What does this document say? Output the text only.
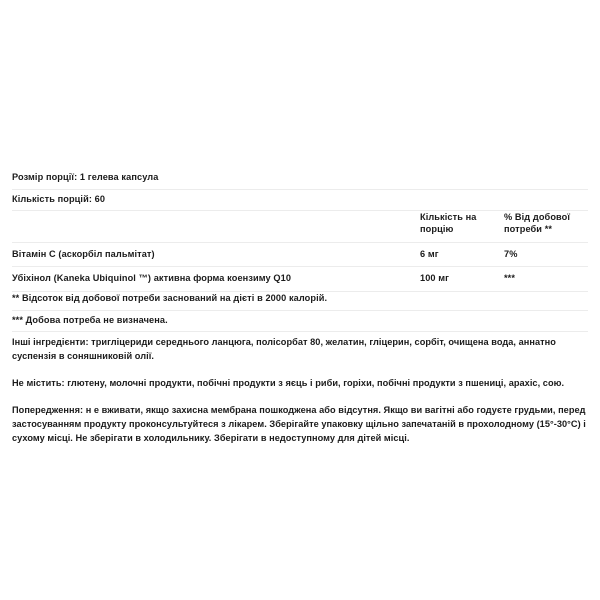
Розмір порції: 1 гелева капсула
Кількість порцій: 60
	Кількість на порцію	% Від добової потреби **
Вітамін С (аскорбіл пальмітат)	6 мг	7%
Убіхінол (Kaneka Ubiquinol ™) активна форма коензиму Q10	100 мг	***
** Відсоток від добової потреби заснований на дієті в 2000 калорій.
*** Добова потреба не визначена.

Інші інгредієнти: тригліцериди середнього ланцюга, полісорбат 80, желатин, гліцерин, сорбіт, очищена вода, аннатно суспензія в соняшниковій олії.

Не містить: глютену, молочні продукти, побічні продукти з яєць і риби, горіхи, побічні продукти з пшениці, арахіс, сою.

Попередження: н е вживати, якщо захисна мембрана пошкоджена або відсутня. Якщо ви вагітні або годуєте грудьми, перед застосуванням продукту проконсультуйтеся з лікарем. Зберігайте упаковку щільно запечатаній в прохолодному (15°-30°C) і сухому місці. Не зберігати в холодильнику. Зберігати в недоступному для дітей місці.
